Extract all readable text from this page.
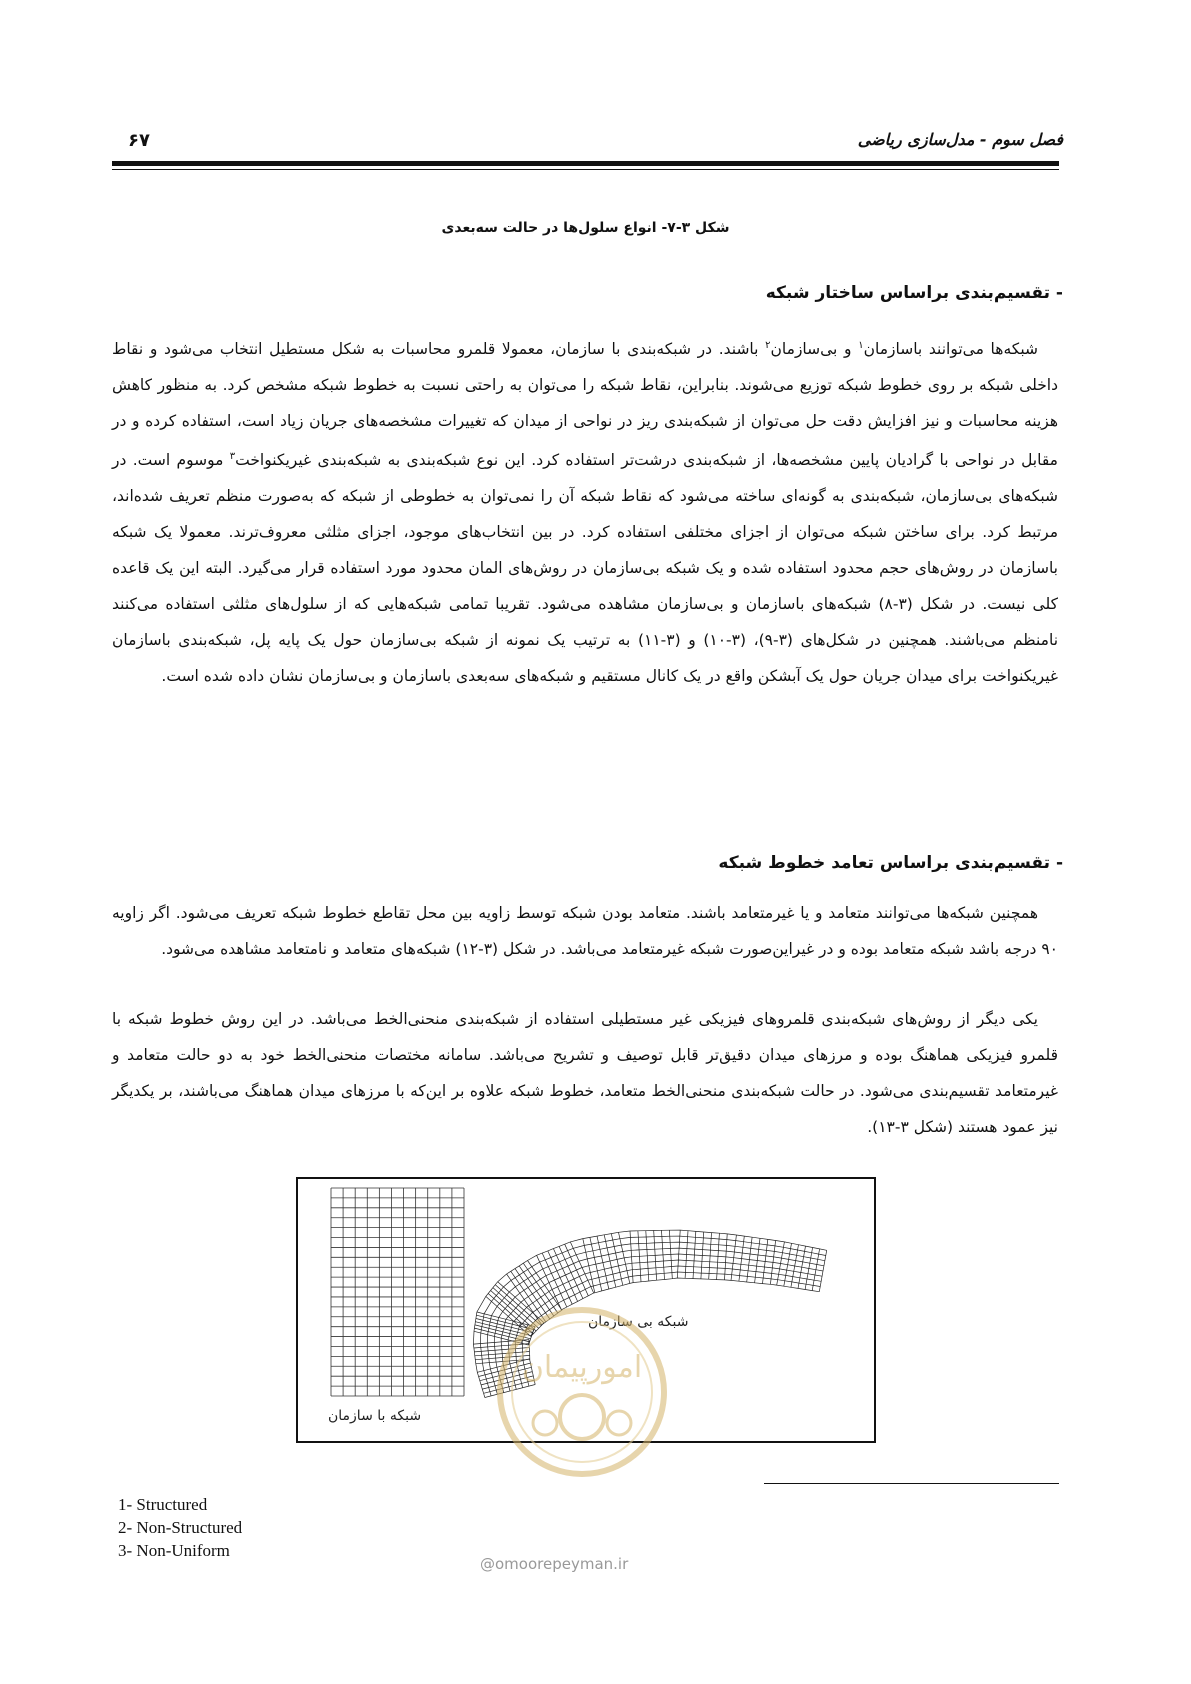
فصل سوم - مدل‌سازی ریاضی
۶۷
شکل ۳-۷- انواع سلول‌ها در حالت سه‌بعدی
- تقسیم‌بندی براساس ساختار شبکه

شبکه‌ها می‌توانند باسازمان$^۱$ و بی‌سازمان$^۲$ باشند. در شبکه‌بندی با سازمان، معمولا قلمرو محاسبات به شکل مستطیل انتخاب می‌شود و نقاط داخلی شبکه بر روی خطوط شبکه توزیع می‌شوند. بنابراین، نقاط شبکه را می‌توان به راحتی نسبت به خطوط شبکه مشخص کرد. به منظور کاهش هزینه محاسبات و نیز افزایش دقت حل می‌توان از شبکه‌بندی ریز در نواحی از میدان که تغییرات مشخصه‌های جریان زیاد است، استفاده کرده و در مقابل در نواحی با گرادیان پایین مشخصه‌ها، از شبکه‌بندی درشت‌تر استفاده کرد. این نوع شبکه‌بندی به شبکه‌بندی غیریکنواخت$^۳$ موسوم است. در شبکه‌های بی‌سازمان، شبکه‌بندی به گونه‌ای ساخته می‌شود که نقاط شبکه آن را نمی‌توان به خطوطی از شبکه که به‌صورت منظم تعریف شده‌اند، مرتبط کرد. برای ساختن شبکه می‌توان از اجزای مختلفی استفاده کرد. در بین انتخاب‌های موجود، اجزای مثلثی معروف‌ترند. معمولا یک شبکه باسازمان در روش‌های حجم محدود استفاده شده و یک شبکه بی‌سازمان در روش‌های المان محدود مورد استفاده قرار می‌گیرد. البته این یک قاعده کلی نیست. در شکل (۳-۸) شبکه‌های باسازمان و بی‌سازمان مشاهده می‌شود. تقریبا تمامی شبکه‌هایی که از سلول‌های مثلثی استفاده می‌کنند نامنظم می‌باشند. همچنین در شکل‌های (۳-۹)، (۳-۱۰) و (۳-۱۱) به ترتیب یک نمونه از شبکه بی‌سازمان حول یک پایه پل، شبکه‌بندی باسازمان غیریکنواخت برای میدان جریان حول یک آبشکن واقع در یک کانال مستقیم و شبکه‌های سه‌بعدی باسازمان و بی‌سازمان نشان داده شده است.

- تقسیم‌بندی براساس تعامد خطوط شبکه

همچنین شبکه‌ها می‌توانند متعامد و یا غیرمتعامد باشند. متعامد بودن شبکه توسط زاویه بین محل تقاطع خطوط شبکه تعریف می‌شود. اگر زاویه ۹۰ درجه باشد شبکه متعامد بوده و در غیراین‌صورت شبکه غیرمتعامد می‌باشد. در شکل (۳-۱۲) شبکه‌های متعامد و نامتعامد مشاهده می‌شود.

یکی دیگر از روش‌های شبکه‌بندی قلمروهای فیزیکی غیر مستطیلی استفاده از شبکه‌بندی منحنی‌الخط می‌باشد. در این روش خطوط شبکه با قلمرو فیزیکی هماهنگ بوده و مرزهای میدان دقیق‌تر قابل توصیف و تشریح می‌باشد. سامانه مختصات منحنی‌الخط خود به دو حالت متعامد و غیرمتعامد تقسیم‌بندی می‌شود. در حالت شبکه‌بندی منحنی‌الخط متعامد، خطوط شبکه علاوه بر این‌که با مرزهای میدان هماهنگ می‌باشند، بر یکدیگر نیز عمود هستند (شکل ۳-۱۳).

شبکه با سازمان
شبکه بی سازمان
امورپیمان
@omoorepeyman.ir
1- Structured
2- Non-Structured
3- Non-Uniform
